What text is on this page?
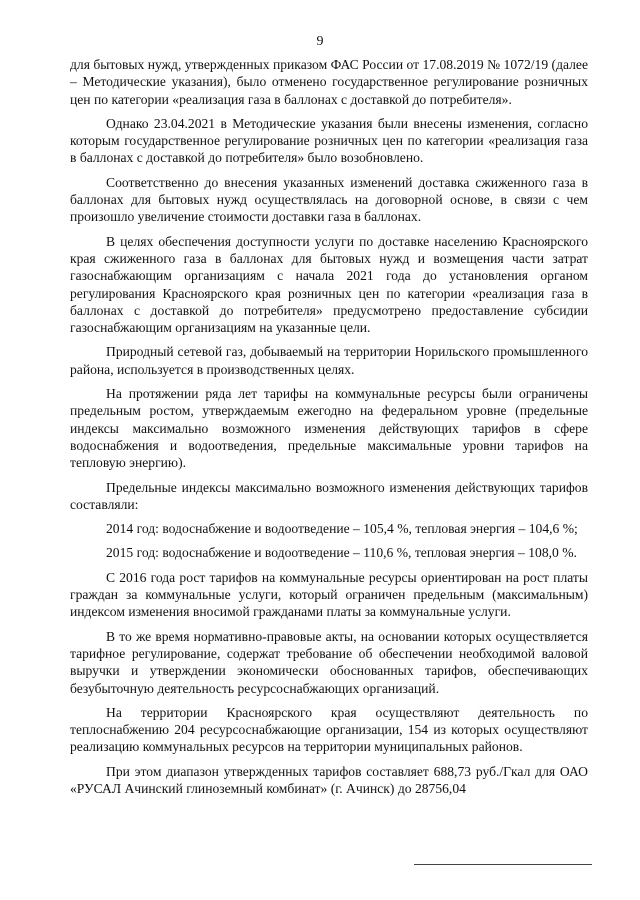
9

для бытовых нужд, утвержденных приказом ФАС России от 17.08.2019 № 1072/19 (далее – Методические указания), было отменено государственное регулирование розничных цен по категории «реализация газа в баллонах с доставкой до потребителя».

Однако 23.04.2021 в Методические указания были внесены изменения, согласно которым государственное регулирование розничных цен по категории «реализация газа в баллонах с доставкой до потребителя» было возобновлено.

Соответственно до внесения указанных изменений доставка сжиженного газа в баллонах для бытовых нужд осуществлялась на договорной основе, в связи с чем произошло увеличение стоимости доставки газа в баллонах.

В целях обеспечения доступности услуги по доставке населению Красноярского края сжиженного газа в баллонах для бытовых нужд и возмещения части затрат газоснабжающим организациям с начала 2021 года до установления органом регулирования Красноярского края розничных цен по категории «реализация газа в баллонах с доставкой до потребителя» предусмотрено предоставление субсидии газоснабжающим организациям на указанные цели.

Природный сетевой газ, добываемый на территории Норильского промышленного района, используется в производственных целях.

На протяжении ряда лет тарифы на коммунальные ресурсы были ограничены предельным ростом, утверждаемым ежегодно на федеральном уровне (предельные индексы максимально возможного изменения действующих тарифов в сфере водоснабжения и водоотведения, предельные максимальные уровни тарифов на тепловую энергию).

Предельные индексы максимально возможного изменения действующих тарифов составляли:

2014 год: водоснабжение и водоотведение – 105,4 %, тепловая энергия – 104,6 %;

2015 год: водоснабжение и водоотведение – 110,6 %, тепловая энергия – 108,0 %.

С 2016 года рост тарифов на коммунальные ресурсы ориентирован на рост платы граждан за коммунальные услуги, который ограничен предельным (максимальным) индексом изменения вносимой гражданами платы за коммунальные услуги.

В то же время нормативно-правовые акты, на основании которых осуществляется тарифное регулирование, содержат требование об обеспечении необходимой валовой выручки и утверждении экономически обоснованных тарифов, обеспечивающих безубыточную деятельность ресурсоснабжающих организаций.

На территории Красноярского края осуществляют деятельность по теплоснабжению 204 ресурсоснабжающие организации, 154 из которых осуществляют реализацию коммунальных ресурсов на территории муниципальных районов.

При этом диапазон утвержденных тарифов составляет 688,73 руб./Гкал для ОАО «РУСАЛ Ачинский глиноземный комбинат» (г. Ачинск) до 28756,04
